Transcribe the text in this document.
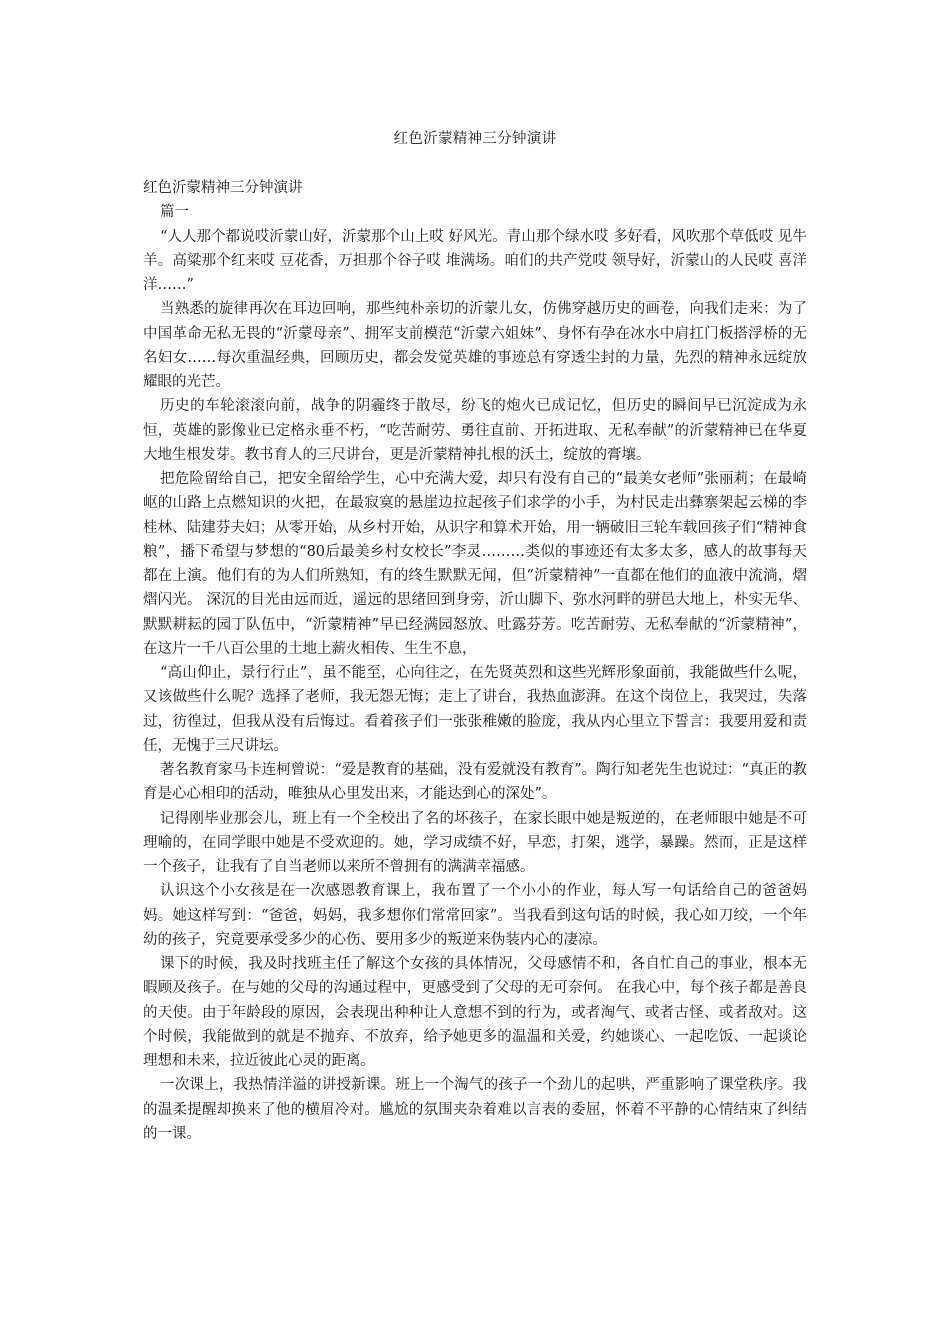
红色沂蒙精神三分钟演讲

红色沂蒙精神三分钟演讲

篇一

“人人那个都说哎沂蒙山好，沂蒙那个山上哎 好风光。青山那个绿水哎 多好看，风吹那个草低哎 见牛羊。高粱那个红来哎 豆花香，万担那个谷子哎 堆满场。咱们的共产党哎 领导好，沂蒙山的人民哎 喜洋洋……”

当熟悉的旋律再次在耳边回响，那些纯朴亲切的沂蒙儿女，仿佛穿越历史的画卷，向我们走来：为了中国革命无私无畏的“沂蒙母亲”、拥军支前模范“沂蒙六姐妹”、身怀有孕在冰水中肩扛门板搭浮桥的无名妇女……每次重温经典，回顾历史，都会发觉英雄的事迹总有穿透尘封的力量，先烈的精神永远绽放耀眼的光芒。

历史的车轮滚滚向前，战争的阴霾终于散尽，纷飞的炮火已成记忆，但历史的瞬间早已沉淀成为永恒，英雄的影像业已定格永垂不朽，“吃苦耐劳、勇往直前、开拓进取、无私奉献”的沂蒙精神已在华夏大地生根发芽。教书育人的三尺讲台，更是沂蒙精神扎根的沃土，绽放的膏壤。

把危险留给自己，把安全留给学生，心中充满大爱，却只有没有自己的“最美女老师”张丽莉；在最崎岖的山路上点燃知识的火把，在最寂寞的悬崖边拉起孩子们求学的小手，为村民走出彝寨架起云梯的李桂林、陆建芬夫妇；从零开始，从乡村开始，从识字和算术开始，用一辆破旧三轮车载回孩子们“精神食粮”，播下希望与梦想的“80后最美乡村女校长”李灵………类似的事迹还有太多太多，感人的故事每天都在上演。他们有的为人们所熟知，有的终生默默无闻，但“沂蒙精神”一直都在他们的血液中流淌，熠熠闪光。 深沉的目光由远而近，遥远的思绪回到身旁，沂山脚下、弥水河畔的骈邑大地上，朴实无华、默默耕耘的园丁队伍中，“沂蒙精神”早已经满园怒放、吐露芬芳。吃苦耐劳、无私奉献的“沂蒙精神”，在这片一千八百公里的土地上薪火相传、生生不息，

“高山仰止，景行行止”，虽不能至，心向往之，在先贤英烈和这些光辉形象面前，我能做些什么呢，又该做些什么呢？选择了老师，我无怨无悔；走上了讲台，我热血澎湃。在这个岗位上，我哭过，失落过，彷徨过，但我从没有后悔过。看着孩子们一张张稚嫩的脸庞，我从内心里立下誓言：我要用爱和责任，无愧于三尺讲坛。

著名教育家马卡连柯曾说：“爱是教育的基础，没有爱就没有教育”。陶行知老先生也说过：“真正的教育是心心相印的活动，唯独从心里发出来，才能达到心的深处”。

记得刚毕业那会儿，班上有一个全校出了名的坏孩子，在家长眼中她是叛逆的，在老师眼中她是不可理喻的，在同学眼中她是不受欢迎的。她，学习成绩不好，早恋，打架，逃学，暴躁。然而，正是这样一个孩子，让我有了自当老师以来所不曾拥有的满满幸福感。

认识这个小女孩是在一次感恩教育课上，我布置了一个小小的作业，每人写一句话给自己的爸爸妈妈。她这样写到：“爸爸，妈妈，我多想你们常常回家”。当我看到这句话的时候，我心如刀绞，一个年幼的孩子，究竟要承受多少的心伤、要用多少的叛逆来伪装内心的凄凉。

课下的时候，我及时找班主任了解这个女孩的具体情况，父母感情不和，各自忙自己的事业，根本无暇顾及孩子。在与她的父母的沟通过程中，更感受到了父母的无可奈何。 在我心中，每个孩子都是善良的天使。由于年龄段的原因，会表现出种种让人意想不到的行为，或者淘气、或者古怪、或者敌对。这个时候，我能做到的就是不抛弃、不放弃，给予她更多的温温和关爱，约她谈心、一起吃饭、一起谈论理想和未来，拉近彼此心灵的距离。

一次课上，我热情洋溢的讲授新课。班上一个淘气的孩子一个劲儿的起哄，严重影响了课堂秩序。我的温柔提醒却换来了他的横眉冷对。尴尬的氛围夹杂着难以言表的委屈，怀着不平静的心情结束了纠结的一课。
